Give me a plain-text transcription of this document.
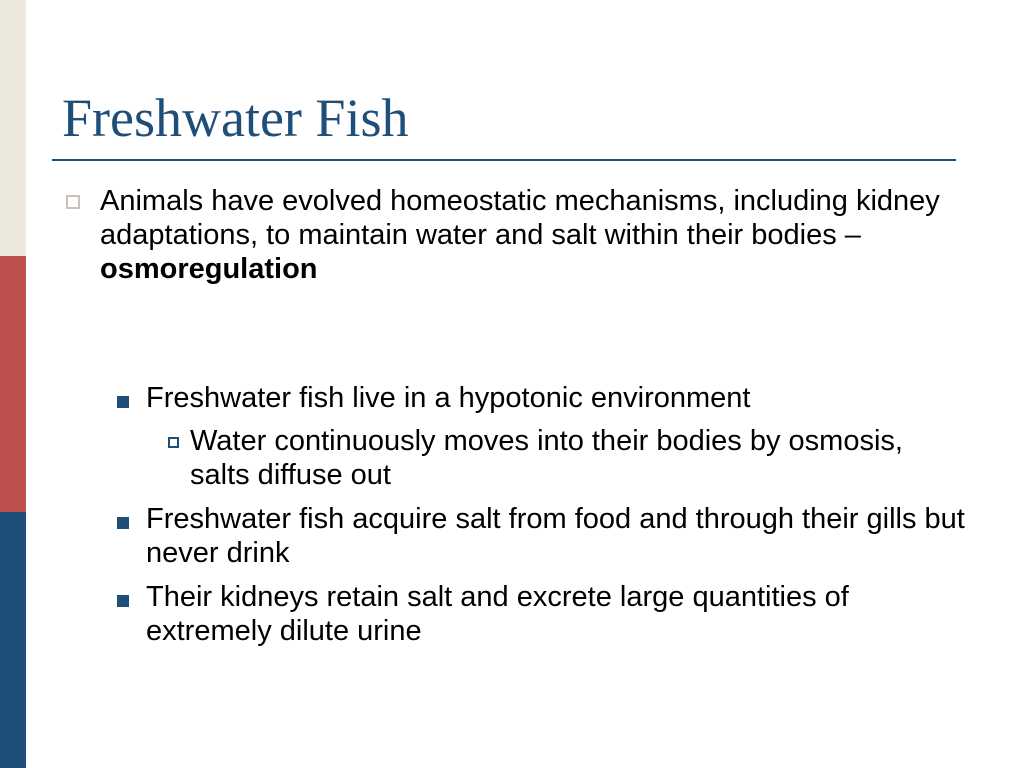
Freshwater Fish
Animals have evolved homeostatic mechanisms, including kidney adaptations, to maintain water and salt within their bodies – osmoregulation
Freshwater fish live in a hypotonic environment
Water continuously moves into their bodies by osmosis, salts diffuse out
Freshwater fish acquire salt from food and through their gills but never drink
Their kidneys retain salt and excrete large quantities of extremely dilute urine
